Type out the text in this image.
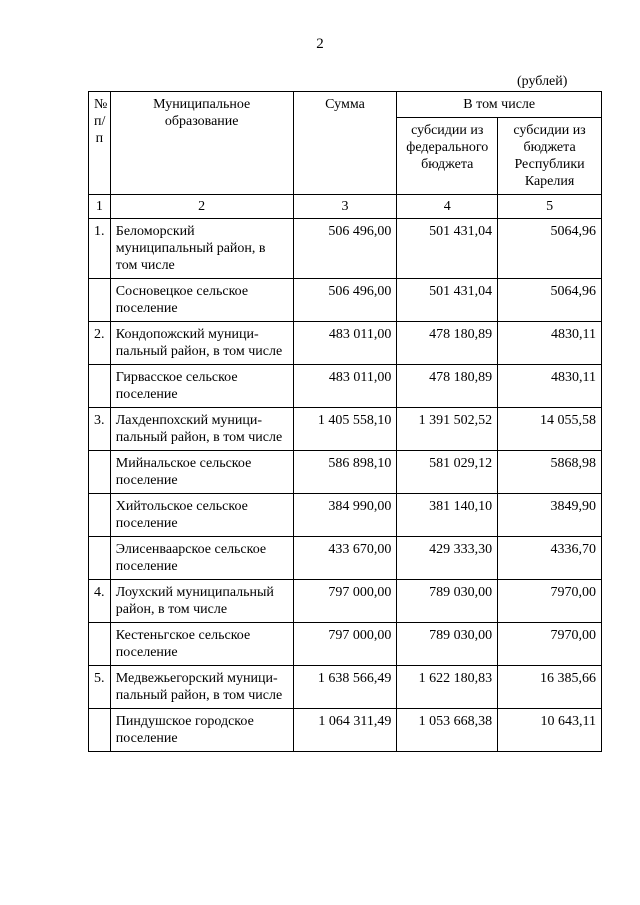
2
(рублей)
№ п/п	Муниципальное образование	Сумма	В том числе	
			субсидии из федерального бюджета	субсидии из бюджета Республики Карелия
1	2	3	4	5
1.	Беломорский муниципальный район, в том числе	506 496,00	501 431,04	5064,96
	Сосновецкое сельское поселение	506 496,00	501 431,04	5064,96
2.	Кондопожский муници-пальный район, в том числе	483 011,00	478 180,89	4830,11
	Гирвасское сельское поселение	483 011,00	478 180,89	4830,11
3.	Лахденпохский муници-пальный район, в том числе	1 405 558,10	1 391 502,52	14 055,58
	Мийнальское сельское поселение	586 898,10	581 029,12	5868,98
	Хийтольское сельское поселение	384 990,00	381 140,10	3849,90
	Элисенваарское сельское поселение	433 670,00	429 333,30	4336,70
4.	Лоухский муниципальный район, в том числе	797 000,00	789 030,00	7970,00
	Кестеньгское сельское поселение	797 000,00	789 030,00	7970,00
5.	Медвежьегорский муници-пальный район, в том числе	1 638 566,49	1 622 180,83	16 385,66
	Пиндушское городское поселение	1 064 311,49	1 053 668,38	10 643,11
